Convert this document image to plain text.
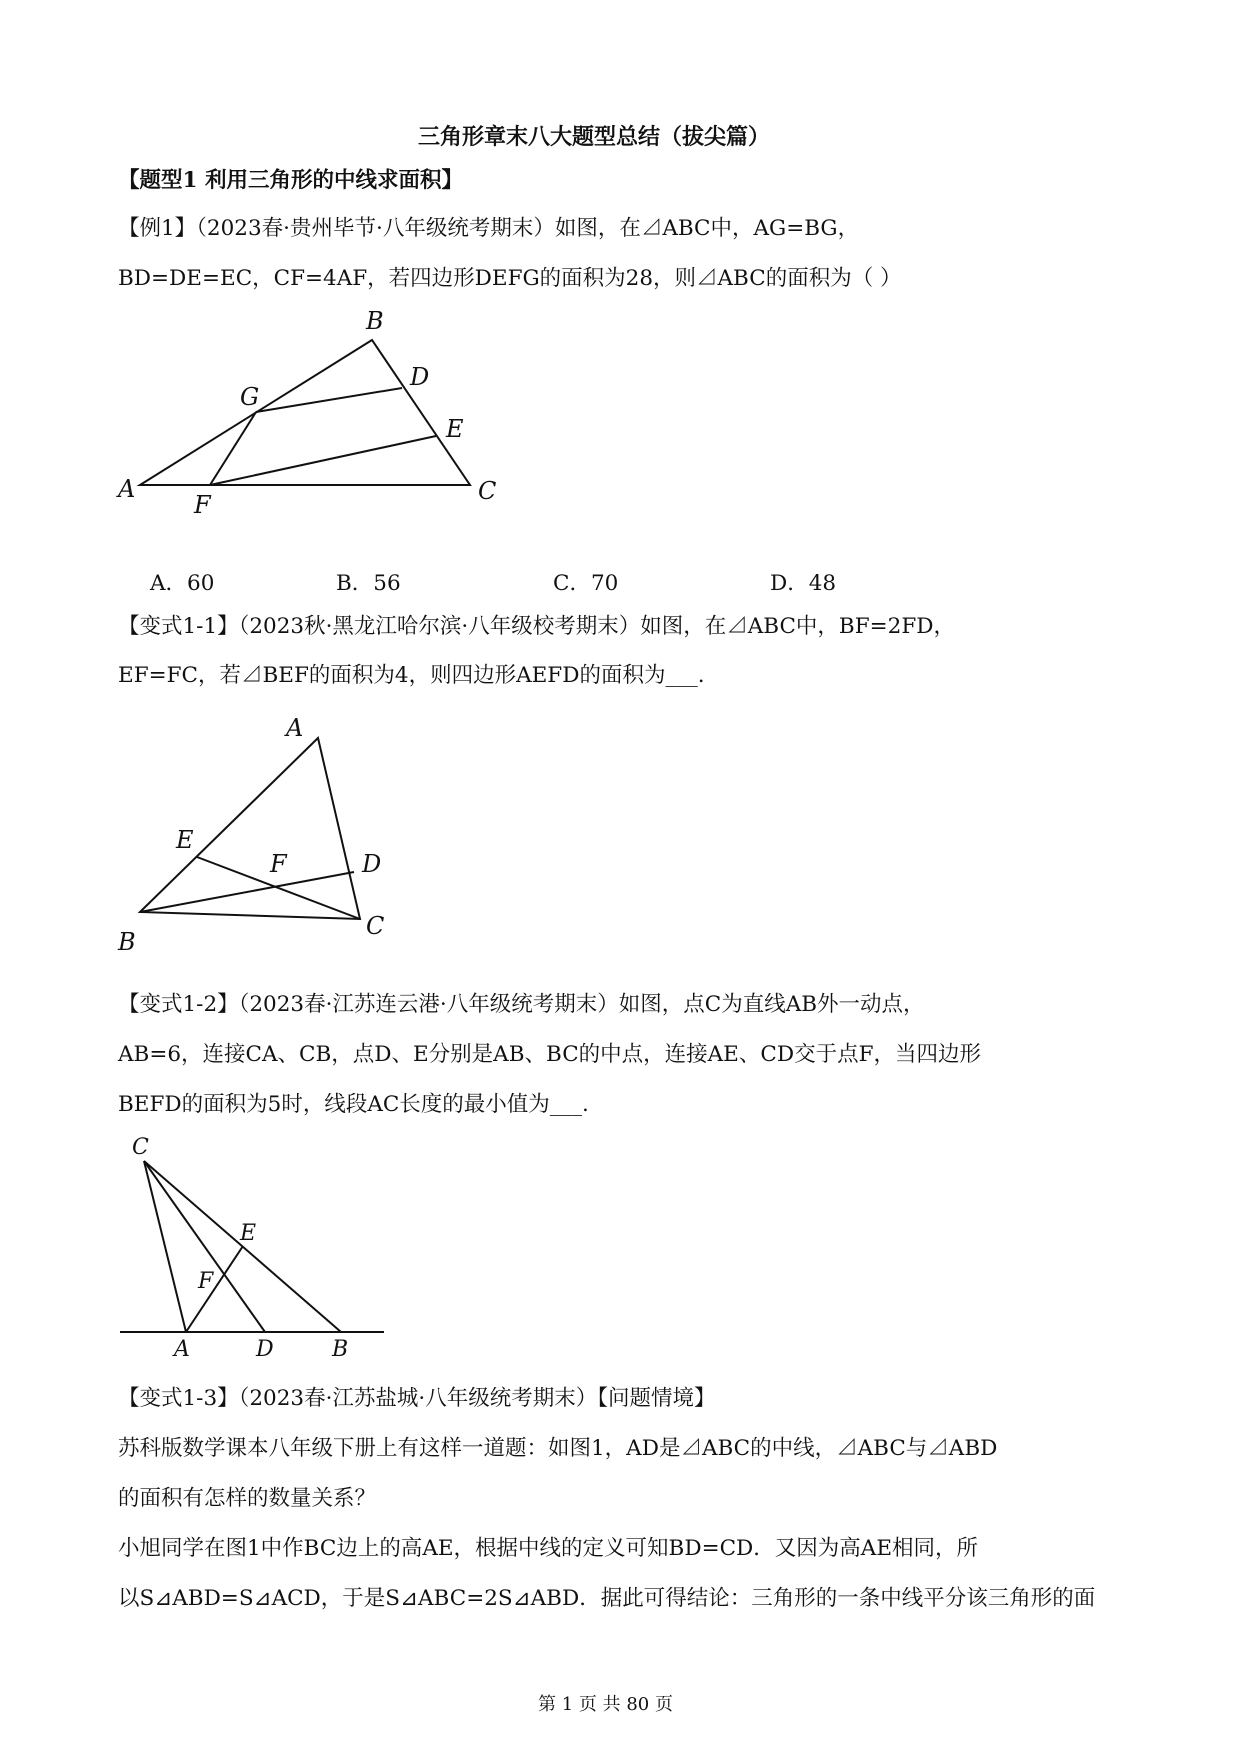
三角形章末八大题型总结（拔尖篇）
【题型1 利用三角形的中线求面积】
【例1】（2023春·贵州毕节·八年级统考期末）如图，在⊿ABC中，AG=BG，
BD=DE=EC，CF=4AF，若四边形DEFG的面积为28，则⊿ABC的面积为（ ）
A
B
C
D
E
F
G
A．60	B．56	C．70	D．48
【变式1-1】（2023秋·黑龙江哈尔滨·八年级校考期末）如图，在⊿ABC中，BF=2FD，
EF=FC，若⊿BEF的面积为4，则四边形AEFD的面积为___.
A
B
C
D
E
F
【变式1-2】（2023春·江苏连云港·八年级统考期末）如图，点C为直线AB外一动点，
AB=6，连接CA、CB，点D、E分别是AB、BC的中点，连接AE、CD交于点F，当四边形
BEFD的面积为5时，线段AC长度的最小值为___.
C
E
F
A	D	B
【变式1-3】（2023春·江苏盐城·八年级统考期末）【问题情境】
苏科版数学课本八年级下册上有这样一道题：如图1，AD是⊿ABC的中线，⊿ABC与⊿ABD
的面积有怎样的数量关系？
小旭同学在图1中作BC边上的高AE，根据中线的定义可知BD=CD．又因为高AE相同，所
以S⊿ABD=S⊿ACD，于是S⊿ABC=2S⊿ABD．据此可得结论：三角形的一条中线平分该三角形的面
第 1 页 共 80 页
